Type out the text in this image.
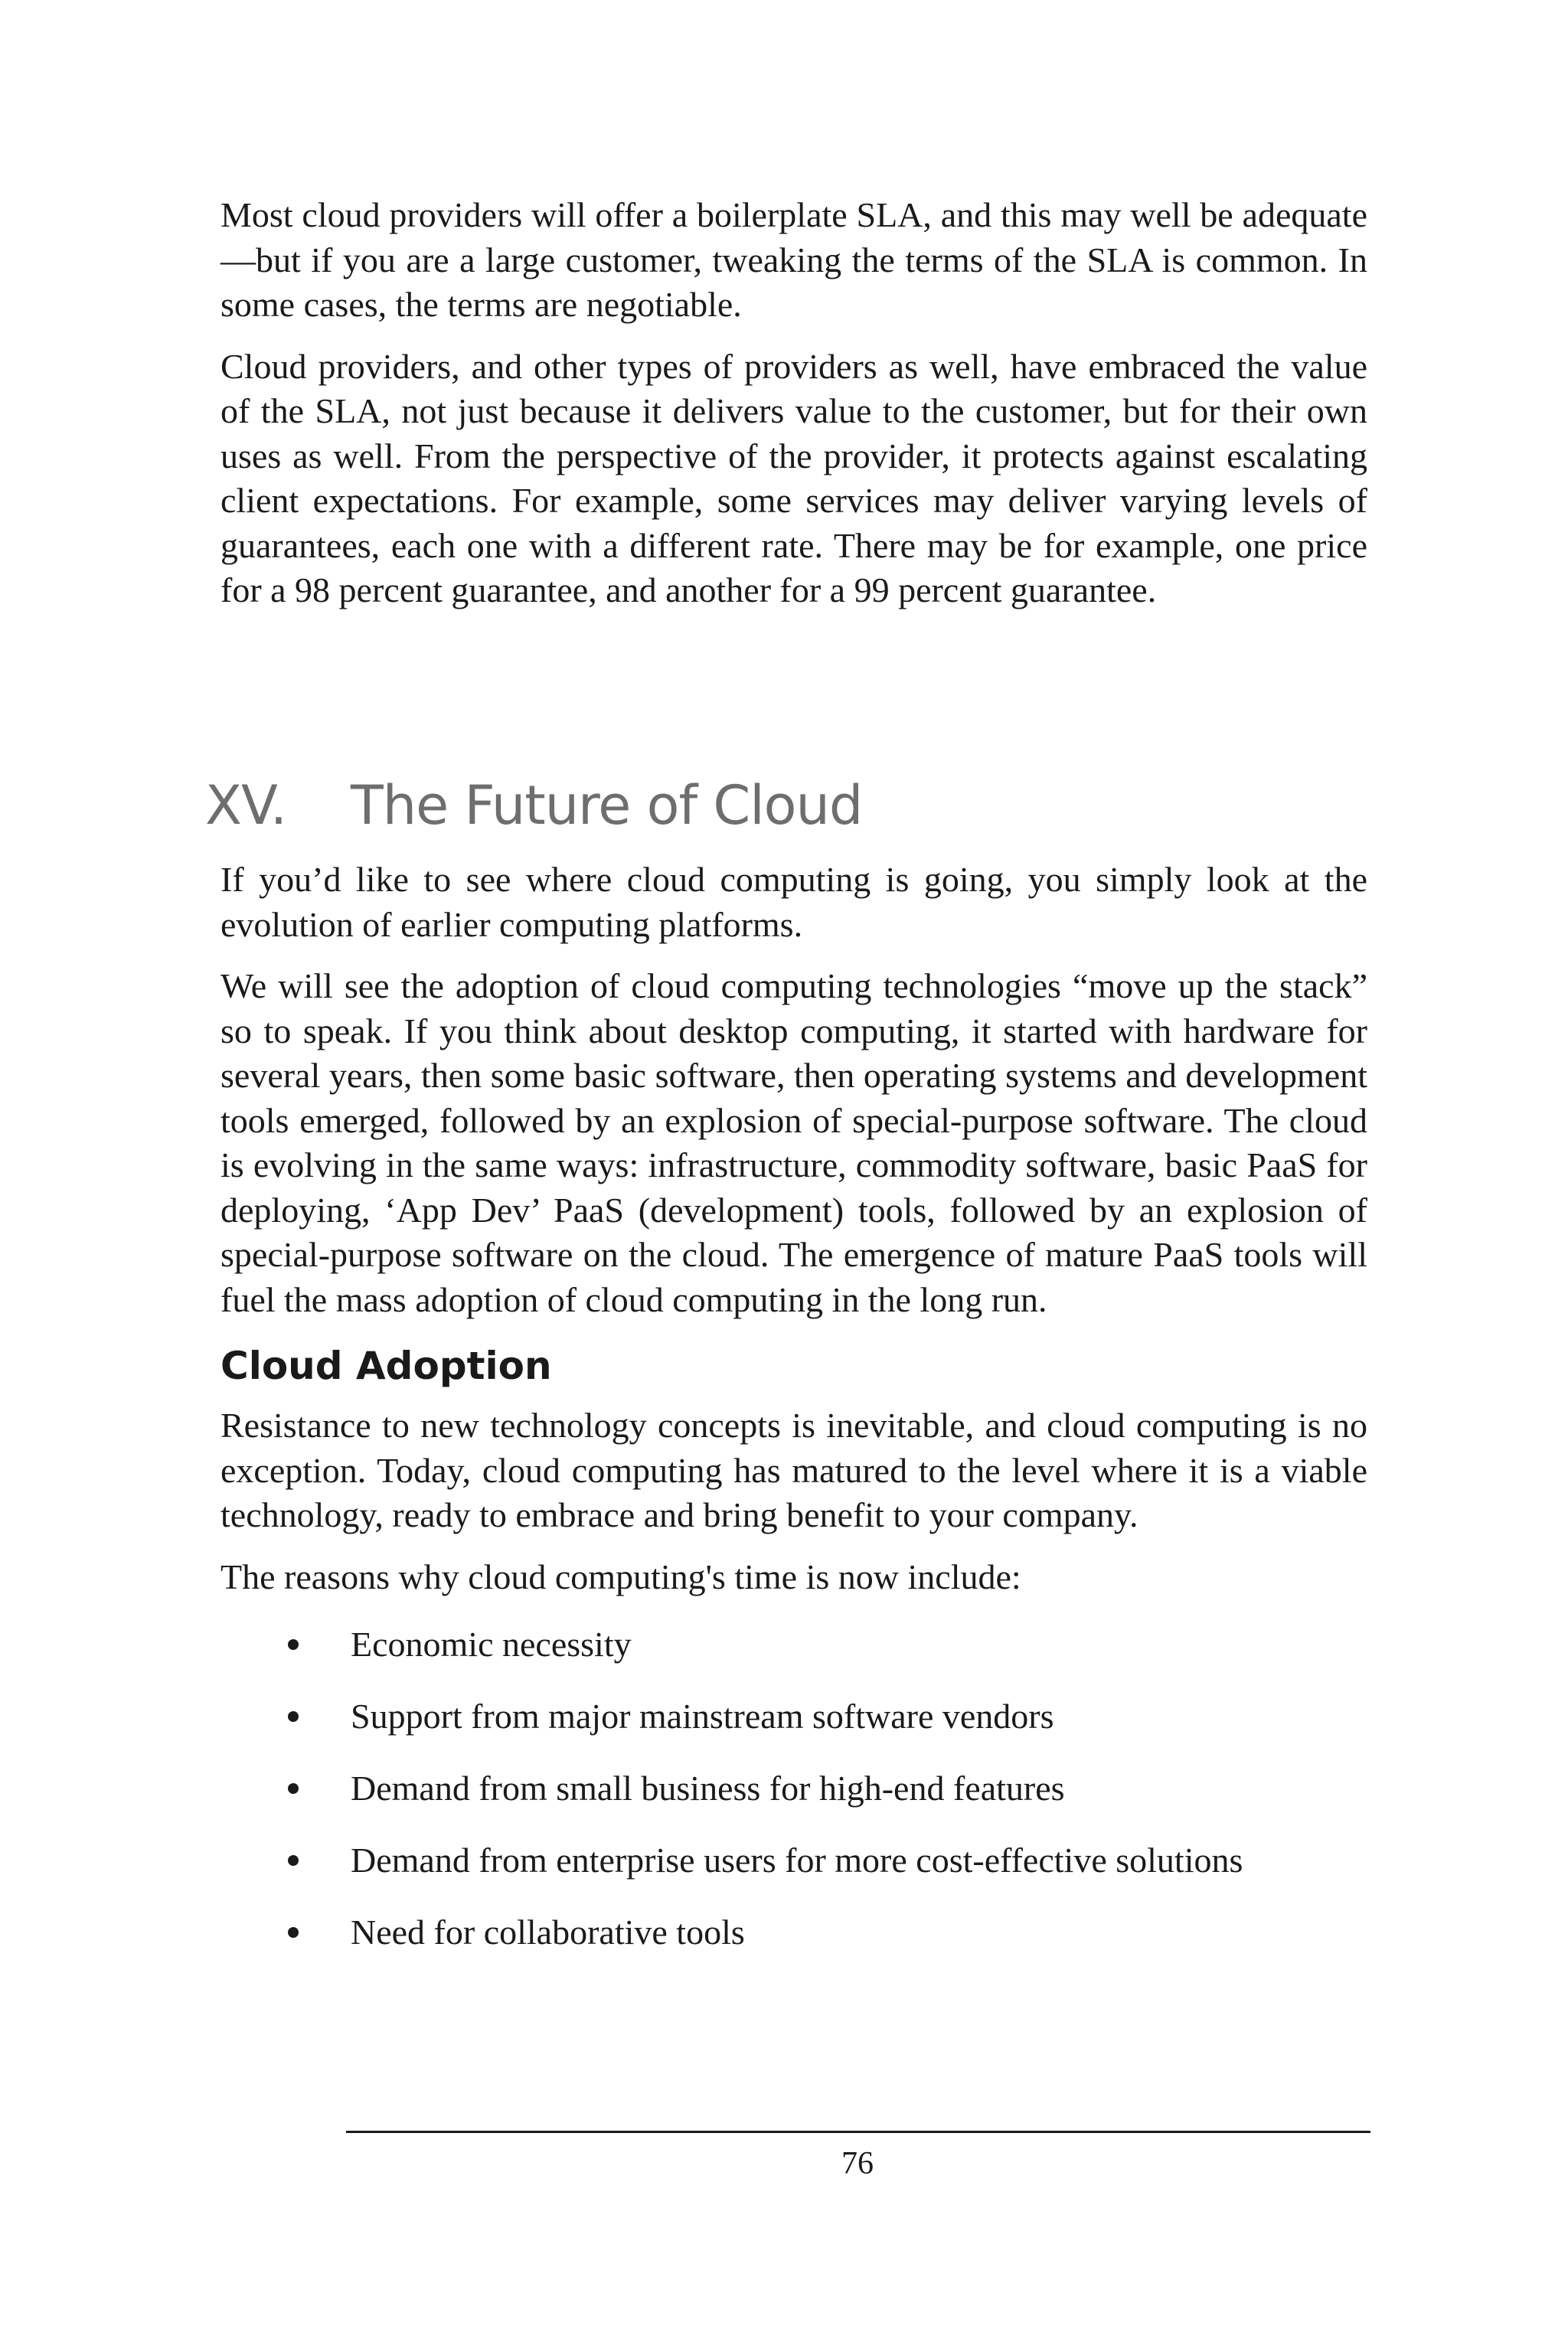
Most cloud providers will offer a boilerplate SLA, and this may well be adequate—but if you are a large customer, tweaking the terms of the SLA is common. In some cases, the terms are negotiable.

Cloud providers, and other types of providers as well, have embraced the value of the SLA, not just because it delivers value to the customer, but for their own uses as well. From the perspective of the provider, it protects against escalating client expectations. For example, some services may deliver varying levels of guarantees, each one with a different rate. There may be for example, one price for a 98 percent guarantee, and another for a 99 percent guarantee.

XV. The Future of Cloud

If you’d like to see where cloud computing is going, you simply look at the evolution of earlier computing platforms.

We will see the adoption of cloud computing technologies “move up the stack” so to speak. If you think about desktop computing, it started with hardware for several years, then some basic software, then operating systems and development tools emerged, followed by an explosion of special-purpose software. The cloud is evolving in the same ways: infrastructure, commodity software, basic PaaS for deploying, ‘App Dev’ PaaS (development) tools, followed by an explosion of special-purpose software on the cloud. The emergence of mature PaaS tools will fuel the mass adoption of cloud computing in the long run.

Cloud Adoption

Resistance to new technology concepts is inevitable, and cloud computing is no exception. Today, cloud computing has matured to the level where it is a viable technology, ready to embrace and bring benefit to your company.

The reasons why cloud computing's time is now include:

Economic necessity
Support from major mainstream software vendors
Demand from small business for high-end features
Demand from enterprise users for more cost-effective solutions
Need for collaborative tools
76
